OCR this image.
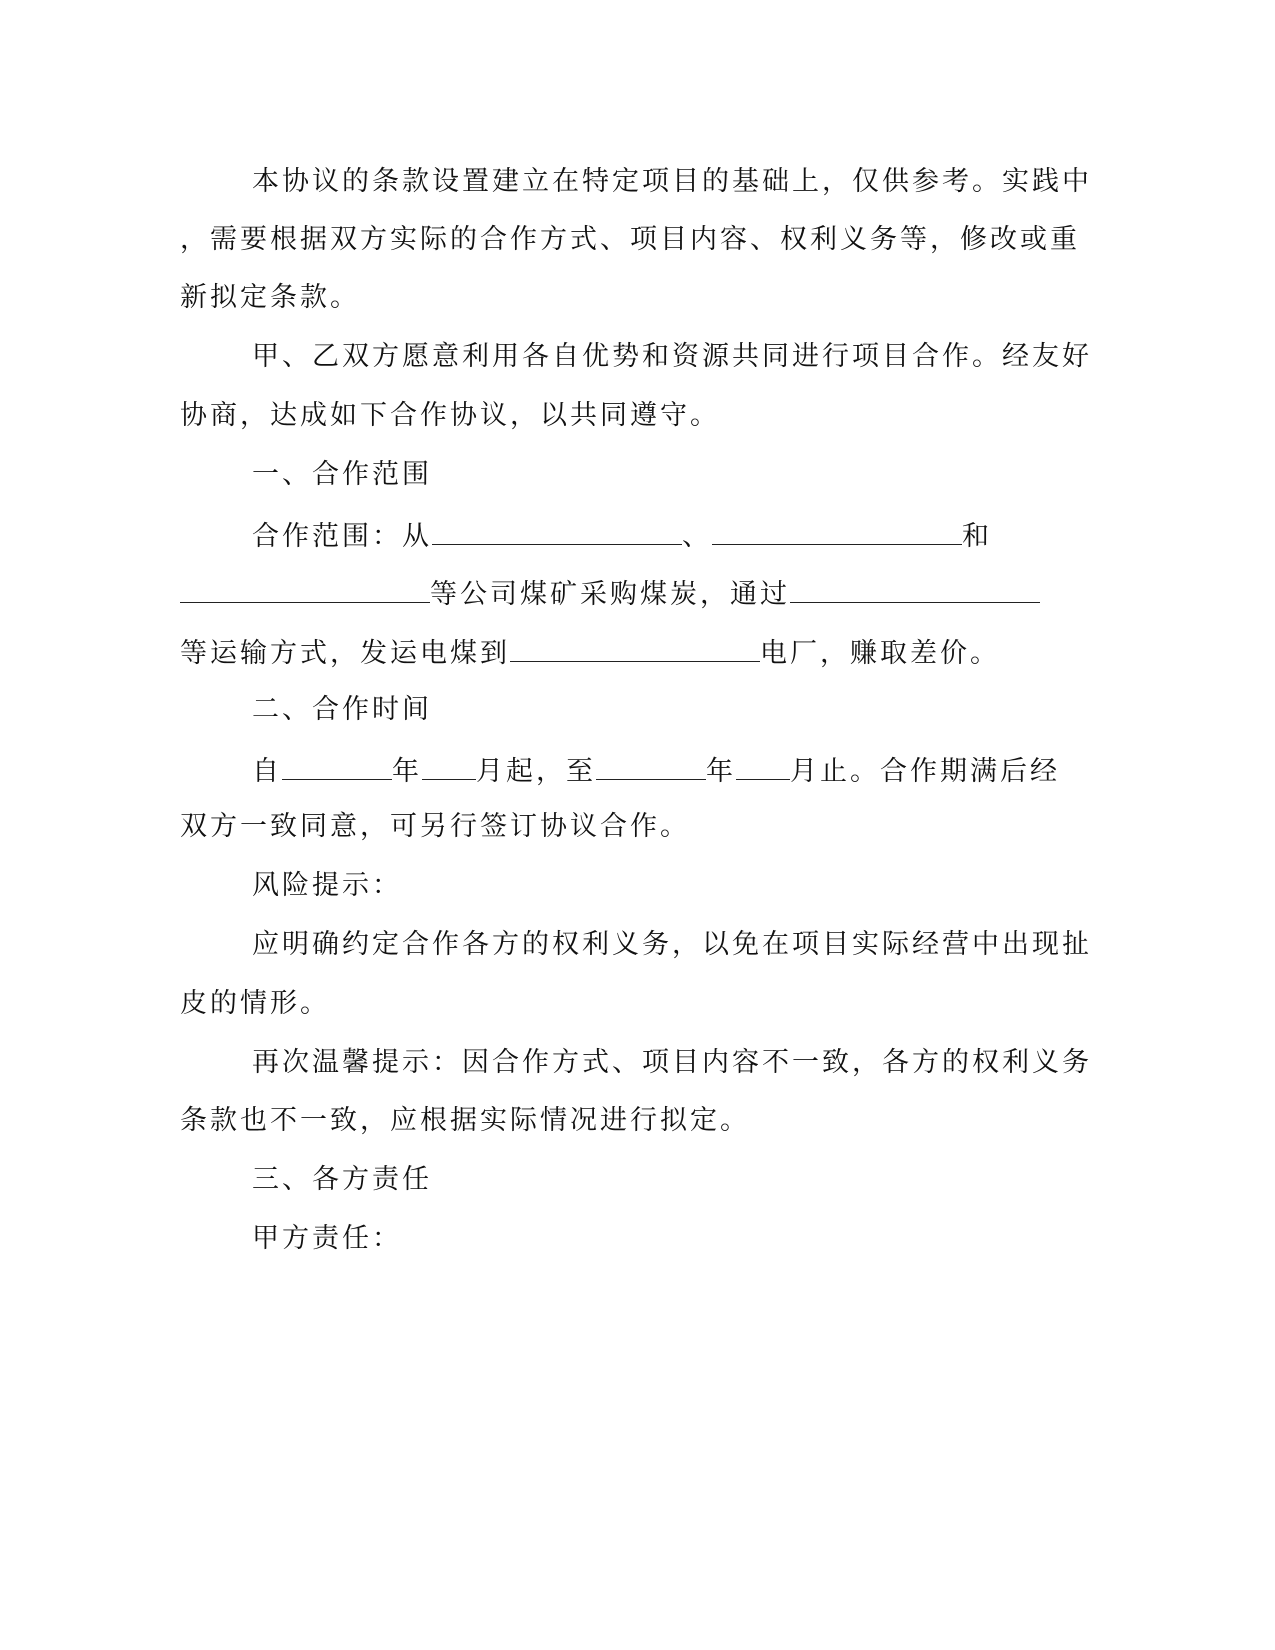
本协议的条款设置建立在特定项目的基础上，仅供参考。实践中
，需要根据双方实际的合作方式、项目内容、权利义务等，修改或重
新拟定条款。
甲、乙双方愿意利用各自优势和资源共同进行项目合作。经友好
协商，达成如下合作协议，以共同遵守。
一、合作范围
合作范围：从	、	和
等公司煤矿采购煤炭，通过
等运输方式，发运电煤到	电厂，赚取差价。
二、合作时间
自	年 月起，至	年 月止。合作期满后经
双方一致同意，可另行签订协议合作。
风险提示：
应明确约定合作各方的权利义务，以免在项目实际经营中出现扯
皮的情形。
再次温馨提示：因合作方式、项目内容不一致，各方的权利义务
条款也不一致，应根据实际情况进行拟定。
三、各方责任
甲方责任：
